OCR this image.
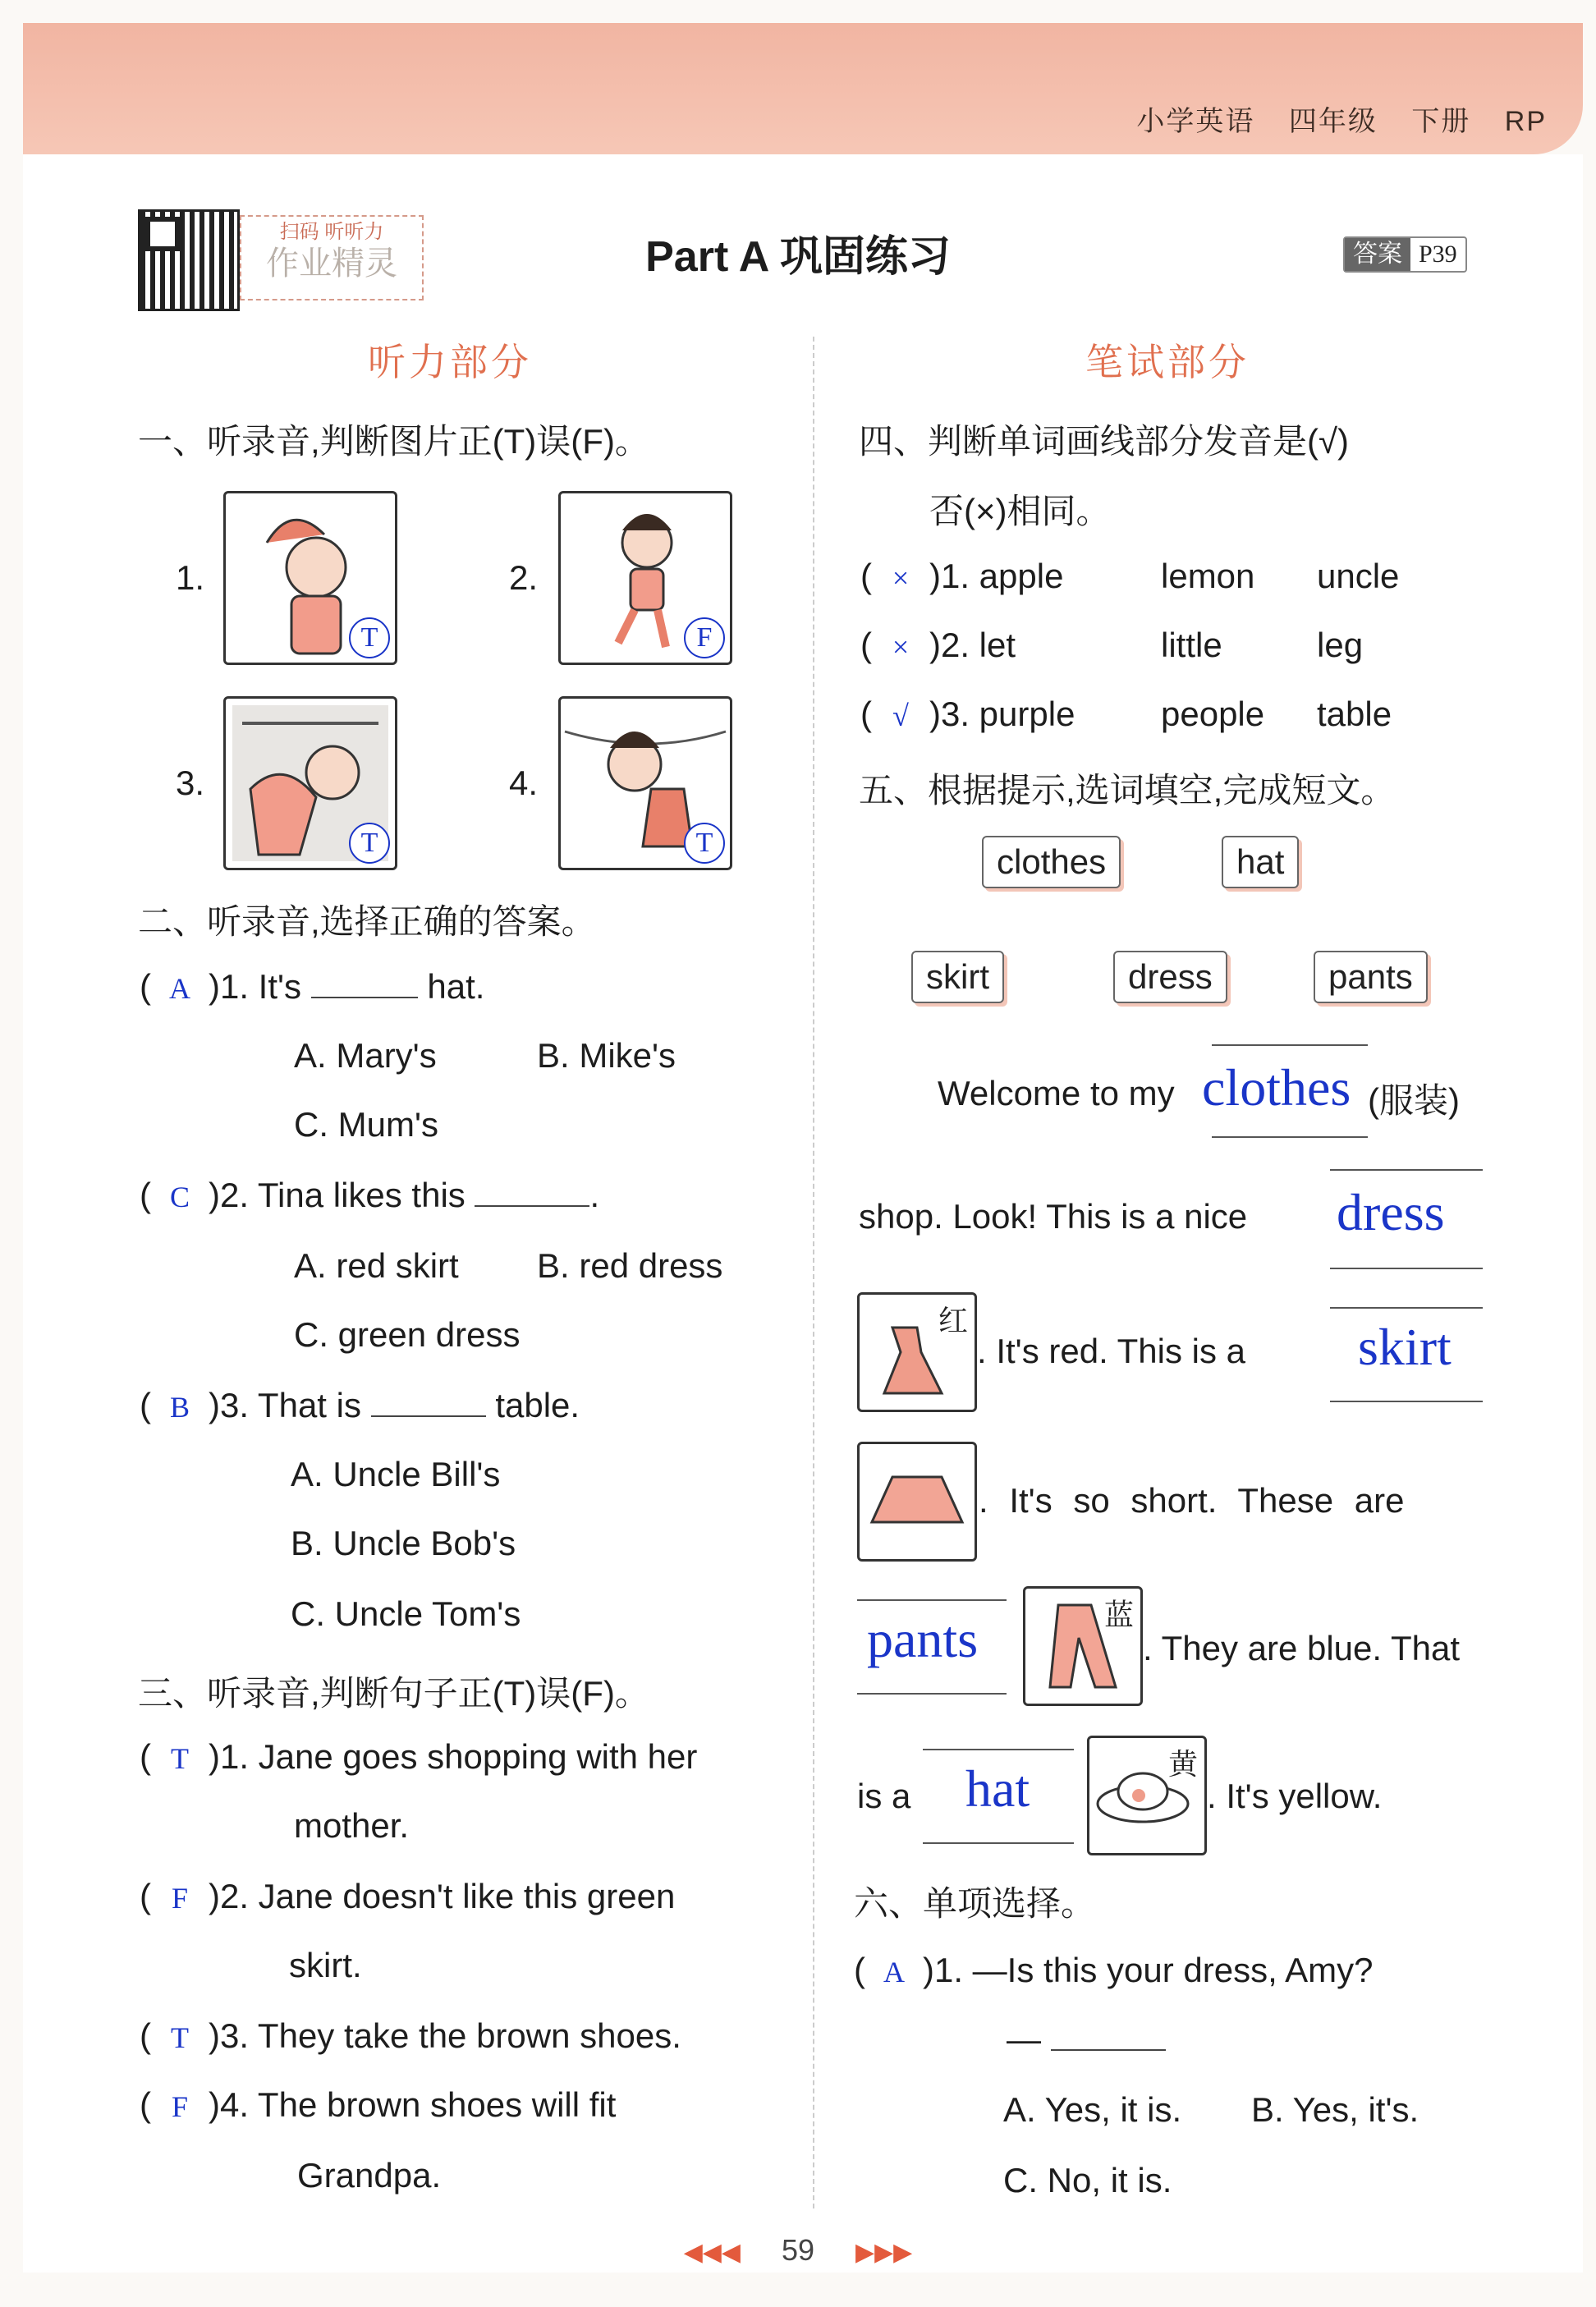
小学英语 四年级 下册 RP
扫码 听听力
作业精灵	Part A 巩固练习	答案 P39
听力部分
一、听录音,判断图片正(T)误(F)。
1.
T
2.
F
3.
T
4.
T
二、听录音,选择正确的答案。
( A )1. It's	hat.
A. Mary's	B. Mike's
C. Mum's
( C )2. Tina likes this	.
A. red skirt B. red dress
C. green dress
( B )3. That is	table.
A. Uncle Bill's
B. Uncle Bob's
C. Uncle Tom's
三、听录音,判断句子正(T)误(F)。
( T )1. Jane goes shopping with her
mother.
( F )2. Jane doesn't like this green
skirt.
( T )3. They take the brown shoes.
( F )4. The brown shoes will fit
Grandpa.
笔试部分
四、判断单词画线部分发音是(√)
否(×)相同。
( × )1. apple	lemon uncle
( × )2. let	little	leg
( √ )3. purple people table
五、根据提示,选词填空,完成短文。
clothes	hat
skirt	dress	pants
Welcome to my clothes (服装)
shop. Look! This is a nice dress
红
. It's red. This is a skirt
. It's so short. These are
pants	蓝
. They are blue. That
is a hat	黄
. It's yellow.
六、单项选择。
( A )1. —Is this your dress, Amy?
—
A. Yes, it is. B. Yes, it's.
C. No, it is.
◀◀◀ 59 ▶▶▶
